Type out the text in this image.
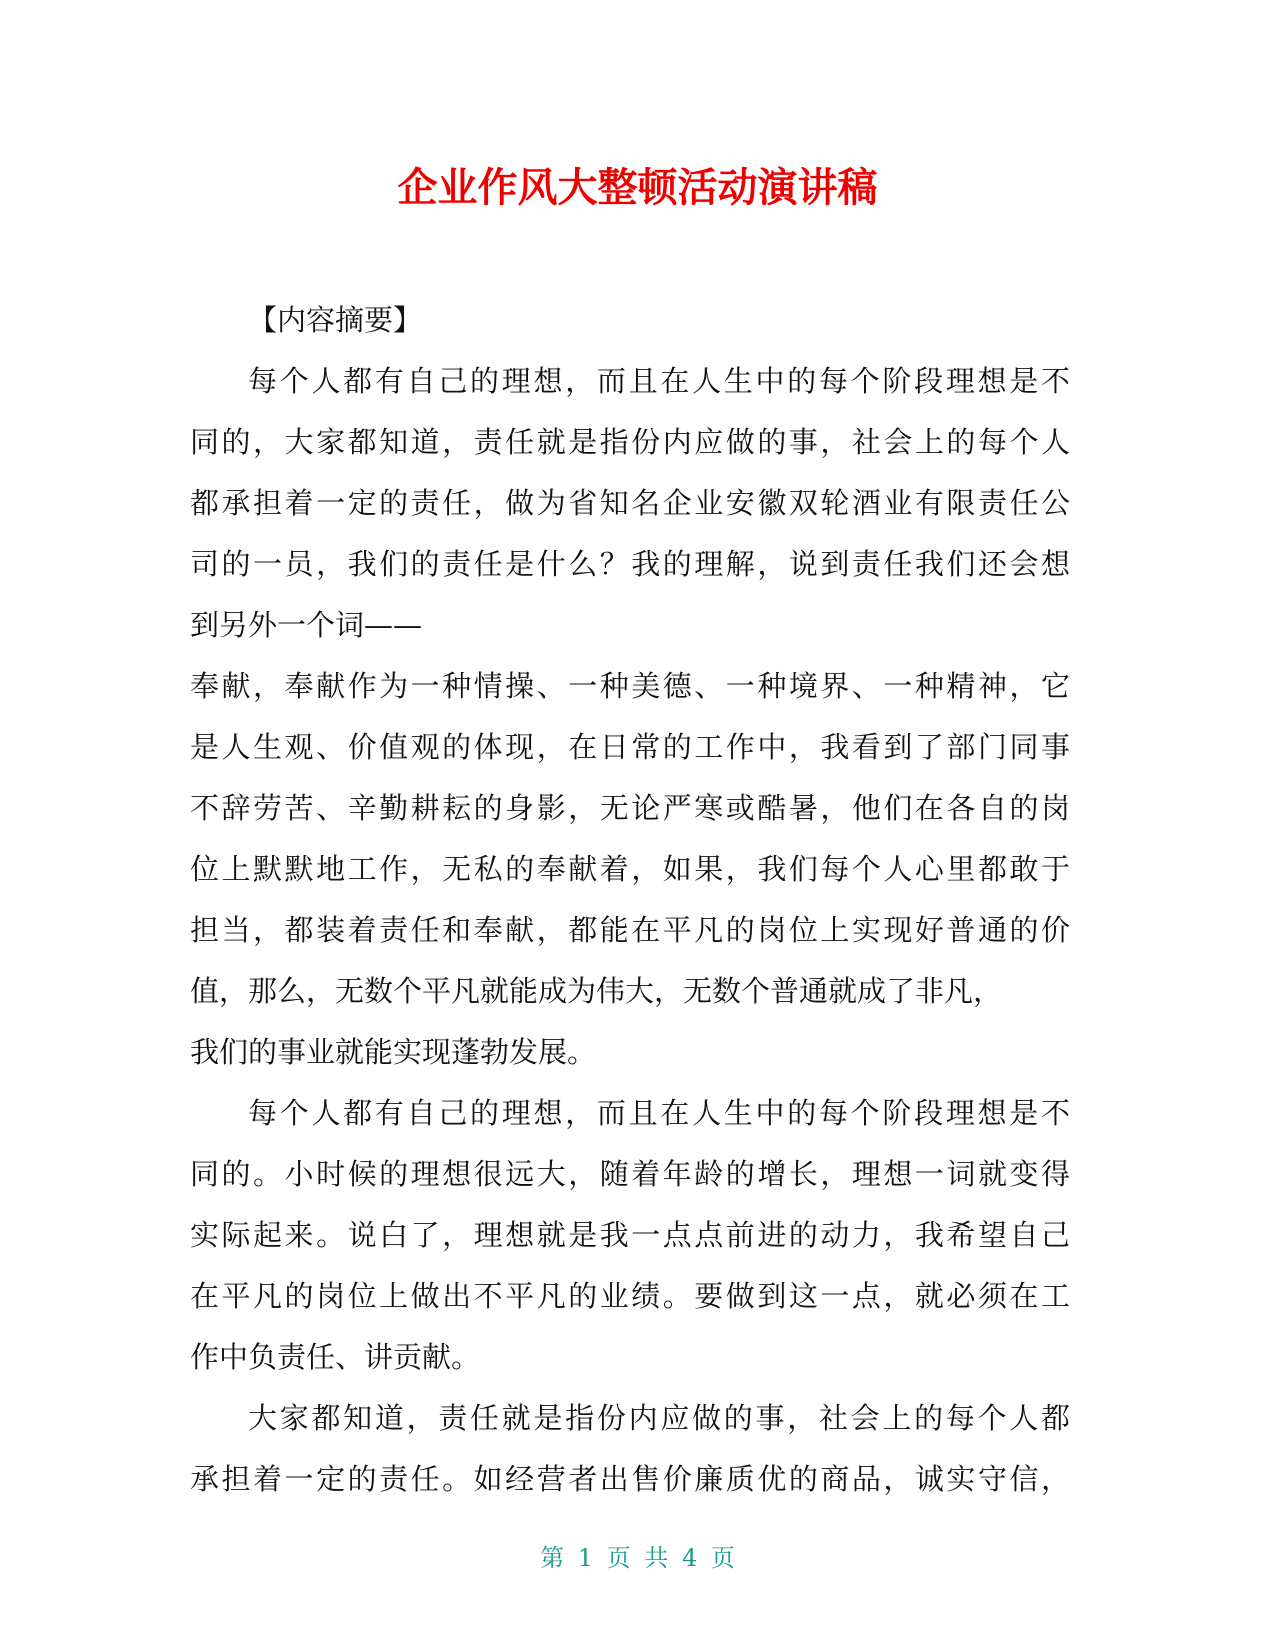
企业作风大整顿活动演讲稿
【内容摘要】
每个人都有自己的理想，而且在人生中的每个阶段理想是不
同的，大家都知道，责任就是指份内应做的事，社会上的每个人
都承担着一定的责任，做为省知名企业安徽双轮酒业有限责任公
司的一员，我们的责任是什么？我的理解，说到责任我们还会想
到另外一个词——
奉献，奉献作为一种情操、一种美德、一种境界、一种精神，它
是人生观、价值观的体现，在日常的工作中，我看到了部门同事
不辞劳苦、辛勤耕耘的身影，无论严寒或酷暑，他们在各自的岗
位上默默地工作，无私的奉献着，如果，我们每个人心里都敢于
担当，都装着责任和奉献，都能在平凡的岗位上实现好普通的价
值，那么，无数个平凡就能成为伟大，无数个普通就成了非凡，
我们的事业就能实现蓬勃发展。
每个人都有自己的理想，而且在人生中的每个阶段理想是不
同的。小时候的理想很远大，随着年龄的增长，理想一词就变得
实际起来。说白了，理想就是我一点点前进的动力，我希望自己
在平凡的岗位上做出不平凡的业绩。要做到这一点，就必须在工
作中负责任、讲贡献。
大家都知道，责任就是指份内应做的事，社会上的每个人都
承担着一定的责任。如经营者出售价廉质优的商品，诚实守信，
第 1 页 共 4 页
